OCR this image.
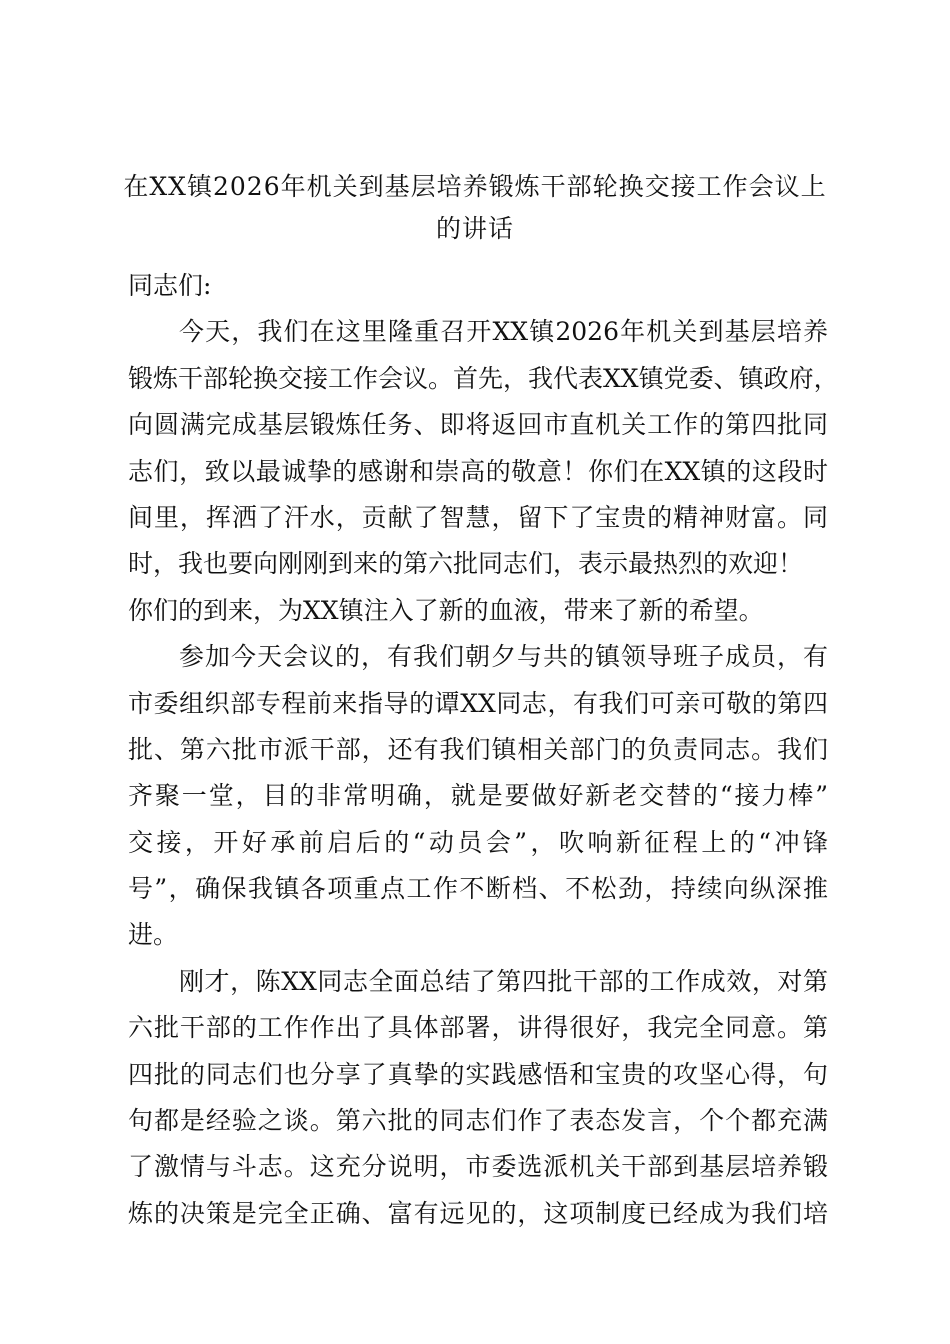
在XX镇2026年机关到基层培养锻炼干部轮换交接工作会议上
的讲话
同志们:
今天，我们在这里隆重召开XX镇2026年机关到基层培养
锻炼干部轮换交接工作会议。首先，我代表XX镇党委、镇政府，
向圆满完成基层锻炼任务、即将返回市直机关工作的第四批同
志们，致以最诚挚的感谢和崇高的敬意！你们在XX镇的这段时
间里，挥洒了汗水，贡献了智慧，留下了宝贵的精神财富。同
时，我也要向刚刚到来的第六批同志们，表示最热烈的欢迎！
你们的到来，为XX镇注入了新的血液，带来了新的希望。
参加今天会议的，有我们朝夕与共的镇领导班子成员，有
市委组织部专程前来指导的谭XX同志，有我们可亲可敬的第四
批、第六批市派干部，还有我们镇相关部门的负责同志。我们
齐聚一堂，目的非常明确，就是要做好新老交替的“接力棒”
交接，开好承前启后的“动员会”，吹响新征程上的“冲锋
号”，确保我镇各项重点工作不断档、不松劲，持续向纵深推
进。
刚才，陈XX同志全面总结了第四批干部的工作成效，对第
六批干部的工作作出了具体部署，讲得很好，我完全同意。第
四批的同志们也分享了真挚的实践感悟和宝贵的攻坚心得，句
句都是经验之谈。第六批的同志们作了表态发言，个个都充满
了激情与斗志。这充分说明，市委选派机关干部到基层培养锻
炼的决策是完全正确、富有远见的，这项制度已经成为我们培
